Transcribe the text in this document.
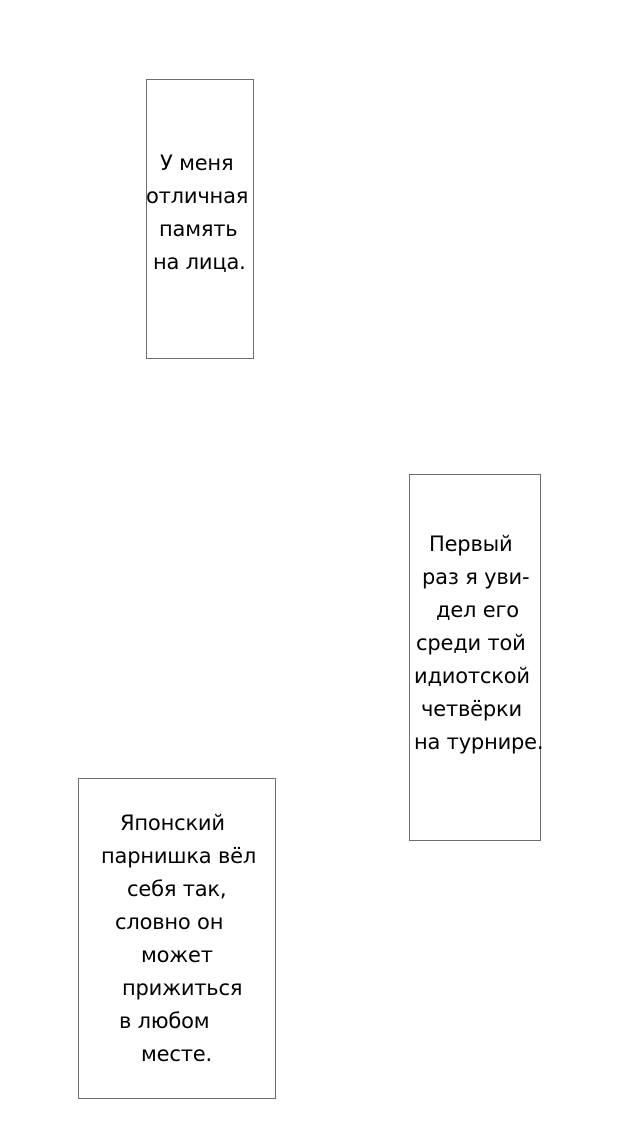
У меня
отличная
память
на лица.
Первый
раз я уви-
дел его
среди той
идиотской
четвёрки
на турнире.
Японский
парнишка вёл
себя так,
словно он
может
прижиться
в любом
месте.
